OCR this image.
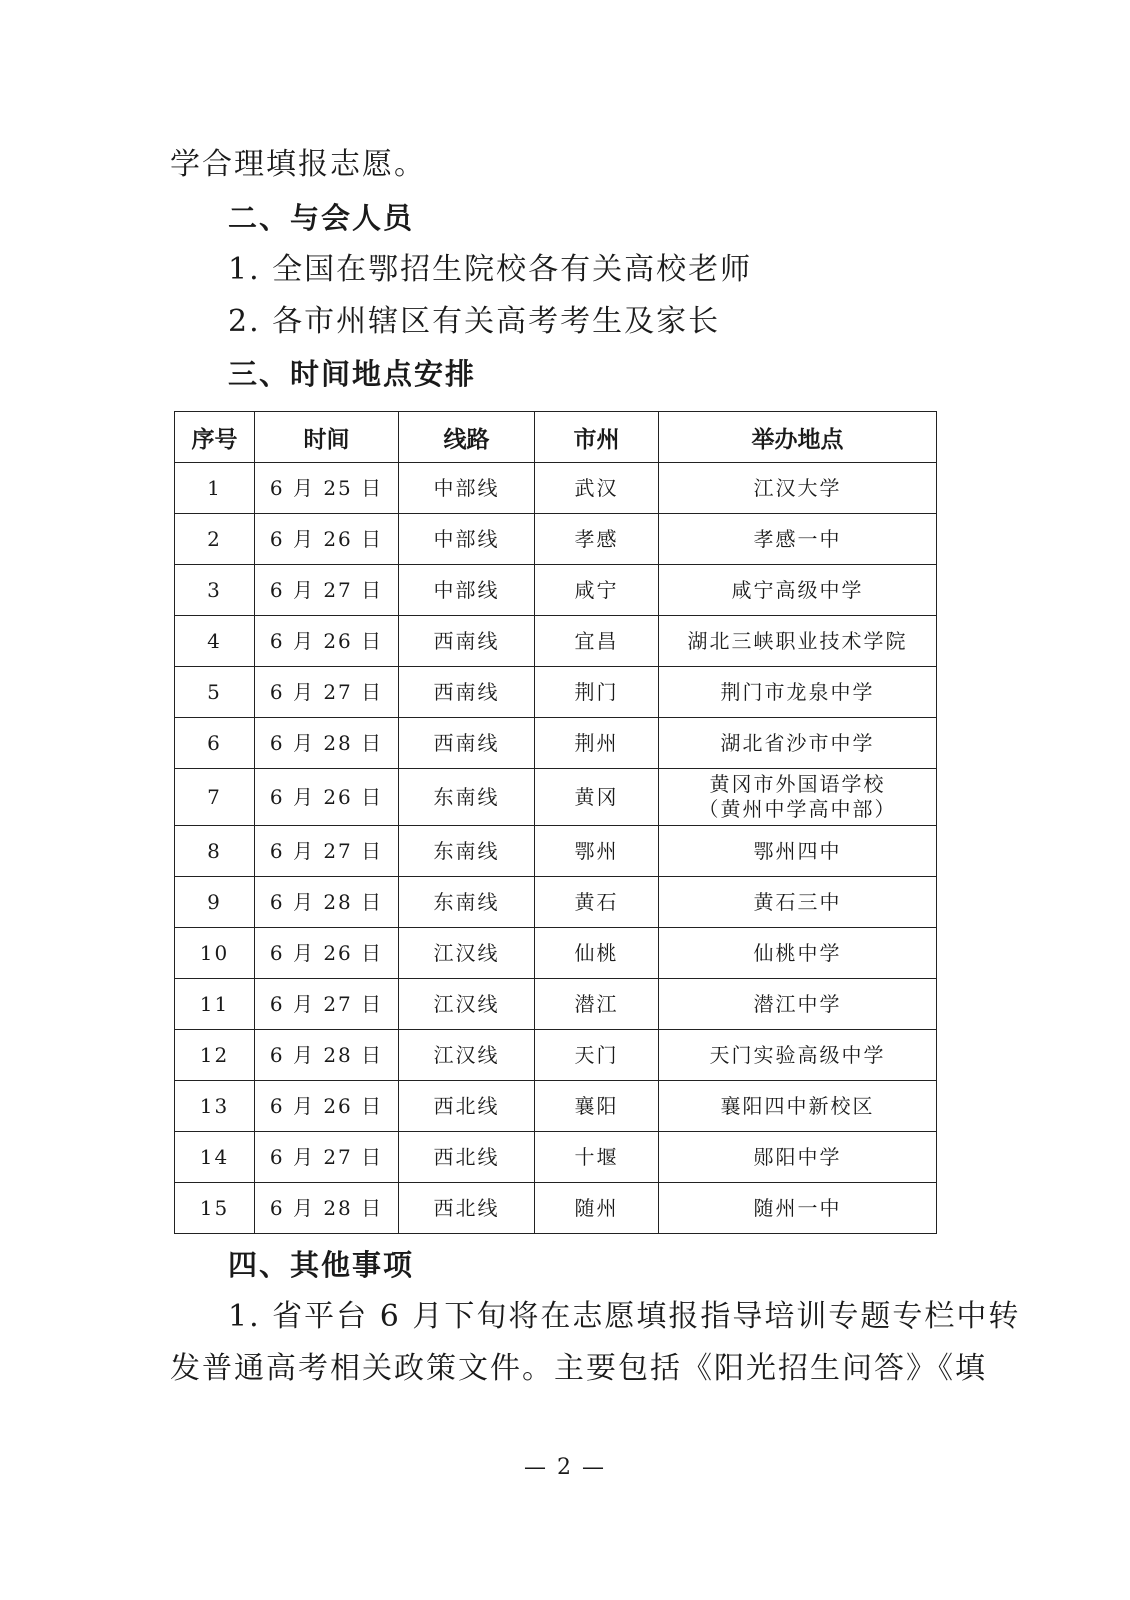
学合理填报志愿。
二、与会人员
1. 全国在鄂招生院校各有关高校老师
2. 各市州辖区有关高考考生及家长
三、时间地点安排
序号	时间	线路	市州	举办地点
1	6 月 25 日	中部线	武汉	江汉大学

2	6 月 26 日	中部线	孝感	孝感一中

3	6 月 27 日	中部线	咸宁	咸宁高级中学

4	6 月 26 日	西南线	宜昌	湖北三峡职业技术学院

5	6 月 27 日	西南线	荆门	荆门市龙泉中学

6	6 月 28 日	西南线	荆州	湖北省沙市中学

7	6 月 26 日	东南线	黄冈	黄冈市外国语学校
（黄州中学高中部）

8	6 月 27 日	东南线	鄂州	鄂州四中

9	6 月 28 日	东南线	黄石	黄石三中

10	6 月 26 日	江汉线	仙桃	仙桃中学

11	6 月 27 日	江汉线	潜江	潜江中学

12	6 月 28 日	江汉线	天门	天门实验高级中学

13	6 月 26 日	西北线	襄阳	襄阳四中新校区

14	6 月 27 日	西北线	十堰	郧阳中学

15	6 月 28 日	西北线	随州	随州一中
四、其他事项
1. 省平台 6 月下旬将在志愿填报指导培训专题专栏中转
发普通高考相关政策文件。主要包括《阳光招生问答》《填
— 2 —
